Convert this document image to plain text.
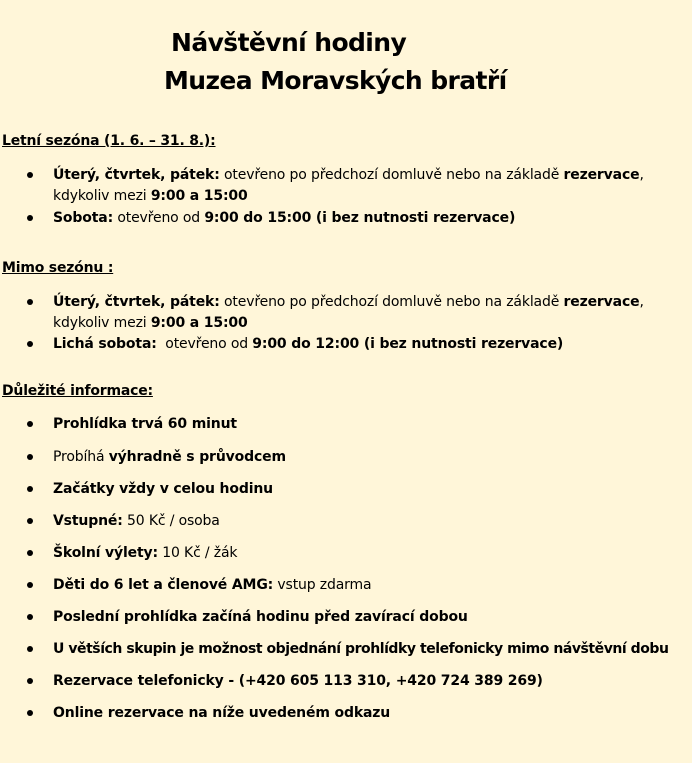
Návštěvní hodiny
Muzea Moravských bratří
Letní sezóna (1. 6. – 31. 8.):
Úterý, čtvrtek, pátek: otevřeno po předchozí domluvě nebo na základě rezervace,
kdykoliv mezi 9:00 a 15:00
Sobota: otevřeno od 9:00 do 15:00 (i bez nutnosti rezervace)
Mimo sezónu :
Úterý, čtvrtek, pátek: otevřeno po předchozí domluvě nebo na základě rezervace,
kdykoliv mezi 9:00 a 15:00
Lichá sobota:  otevřeno od 9:00 do 12:00 (i bez nutnosti rezervace)
Důležité informace:
Prohlídka trvá 60 minut
Probíhá výhradně s průvodcem
Začátky vždy v celou hodinu
Vstupné: 50 Kč / osoba
Školní výlety: 10 Kč / žák
Děti do 6 let a členové AMG: vstup zdarma
Poslední prohlídka začíná hodinu před zavírací dobou
U větších skupin je možnost objednání prohlídky telefonicky mimo návštěvní dobu
Rezervace telefonicky - (+420 605 113 310, +420 724 389 269)
Online rezervace na níže uvedeném odkazu
